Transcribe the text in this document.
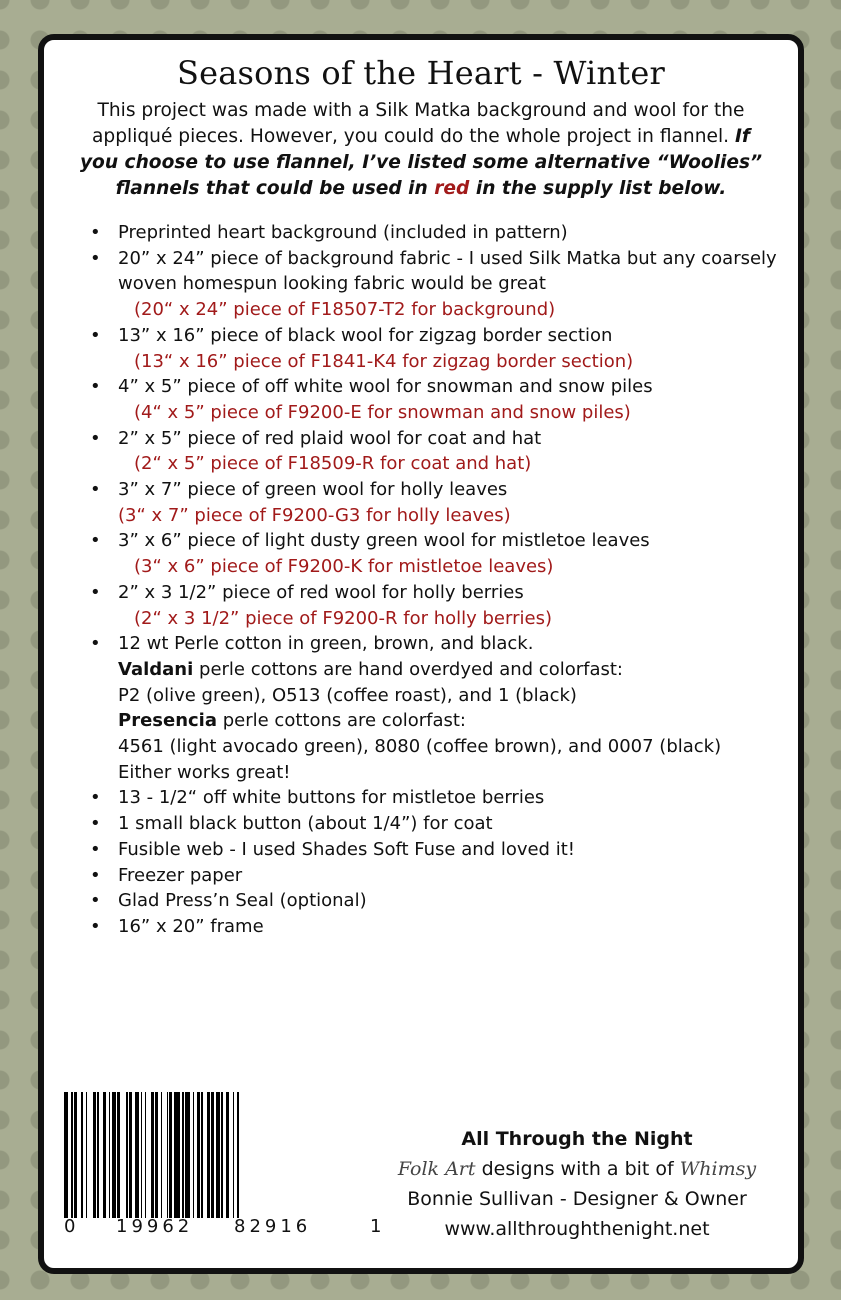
Seasons of the Heart - Winter
This project was made with a Silk Matka background and wool for the appliqué pieces. However, you could do the whole project in flannel. If you choose to use flannel, I’ve listed some alternative “Woolies” flannels that could be used in red in the supply list below.
• Preprinted heart background (included in pattern)
• 20” x 24” piece of background fabric - I used Silk Matka but any coarsely woven homespun looking fabric would be great
(20“ x 24” piece of F18507-T2 for background)
• 13” x 16” piece of black wool for zigzag border section
(13“ x 16” piece of F1841-K4 for zigzag border section)
• 4” x 5” piece of off white wool for snowman and snow piles
(4“ x 5” piece of F9200-E for snowman and snow piles)
• 2” x 5” piece of red plaid wool for coat and hat
(2“ x 5” piece of F18509-R for coat and hat)
• 3” x 7” piece of green wool for holly leaves
(3“ x 7” piece of F9200-G3 for holly leaves)
• 3” x 6” piece of light dusty green wool for mistletoe leaves
(3“ x 6” piece of F9200-K for mistletoe leaves)
• 2” x 3 1/2” piece of red wool for holly berries
(2“ x 3 1/2” piece of F9200-R for holly berries)
• 12 wt Perle cotton in green, brown, and black.
Valdani perle cottons are hand overdyed and colorfast:
P2 (olive green), O513 (coffee roast), and 1 (black)
Presencia perle cottons are colorfast:
4561 (light avocado green), 8080 (coffee brown), and 0007 (black)
Either works great!
• 13 - 1/2“ off white buttons for mistletoe berries
• 1 small black button (about 1/4”) for coat
• Fusible web - I used Shades Soft Fuse and loved it!
• Freezer paper
• Glad Press’n Seal (optional)
• 16” x 20” frame
0 19962 82916	1
All Through the Night
Folk Art designs with a bit of Whimsy
Bonnie Sullivan - Designer & Owner
www.allthroughthenight.net
